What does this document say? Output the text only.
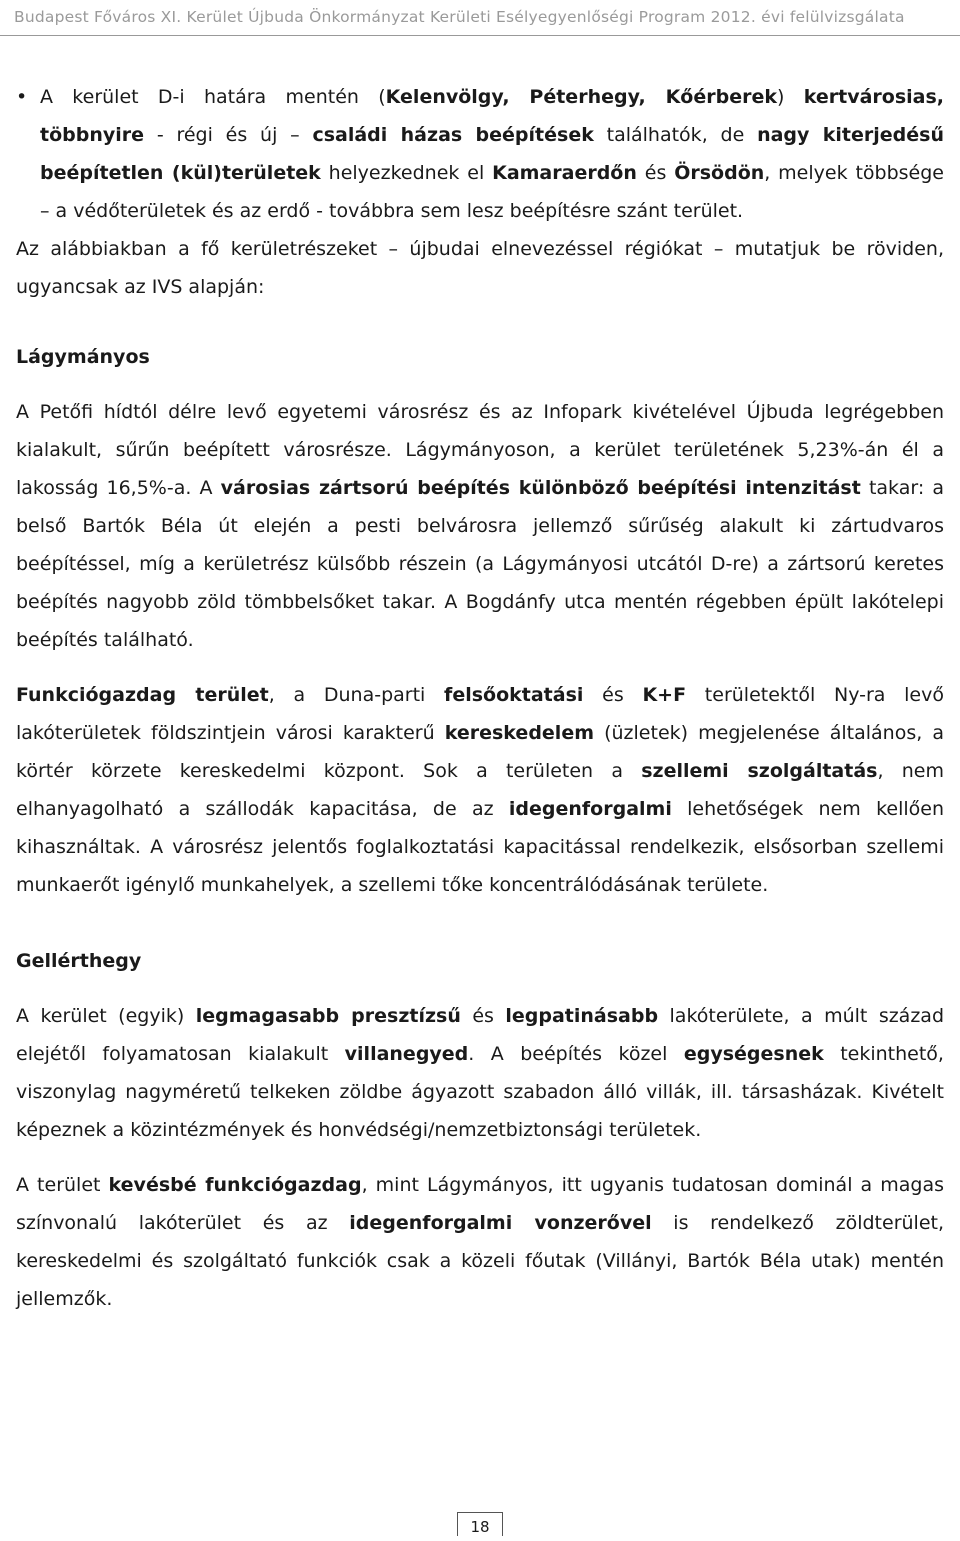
Budapest Főváros XI. Kerület Újbuda Önkormányzat Kerületi Esélyegyenlőségi Program 2012. évi felülvizsgálata

• A kerület D-i határa mentén (Kelenvölgy, Péterhegy, Kőérberek) kertvárosias, többnyire - régi és új – családi házas beépítések találhatók, de nagy kiterjedésű beépítetlen (kül)területek helyezkednek el Kamaraerdőn és Örsödön, melyek többsége – a védőterületek és az erdő - továbbra sem lesz beépítésre szánt terület.

Az alábbiakban a fő kerületrészeket – újbudai elnevezéssel régiókat – mutatjuk be röviden, ugyancsak az IVS alapján:

Lágymányos

A Petőfi hídtól délre levő egyetemi városrész és az Infopark kivételével Újbuda legrégebben kialakult, sűrűn beépített városrésze. Lágymányoson, a kerület területének 5,23%-án él a lakosság 16,5%-a. A városias zártsorú beépítés különböző beépítési intenzitást takar: a belső Bartók Béla út elején a pesti belvárosra jellemző sűrűség alakult ki zártudvaros beépítéssel, míg a kerületrész külsőbb részein (a Lágymányosi utcától D-re) a zártsorú keretes beépítés nagyobb zöld tömbbelsőket takar. A Bogdánfy utca mentén régebben épült lakótelepi beépítés található.

Funkciógazdag terület, a Duna-parti felsőoktatási és K+F területektől Ny-ra levő lakóterületek földszintjein városi karakterű kereskedelem (üzletek) megjelenése általános, a körtér körzete kereskedelmi központ. Sok a területen a szellemi szolgáltatás, nem elhanyagolható a szállodák kapacitása, de az idegenforgalmi lehetőségek nem kellően kihasználtak. A városrész jelentős foglalkoztatási kapacitással rendelkezik, elsősorban szellemi munkaerőt igénylő munkahelyek, a szellemi tőke koncentrálódásának területe.

Gellérthegy

A kerület (egyik) legmagasabb presztízsű és legpatinásabb lakóterülete, a múlt század elejétől folyamatosan kialakult villanegyed. A beépítés közel egységesnek tekinthető, viszonylag nagyméretű telkeken zöldbe ágyazott szabadon álló villák, ill. társasházak. Kivételt képeznek a közintézmények és honvédségi/nemzetbiztonsági területek.

A terület kevésbé funkciógazdag, mint Lágymányos, itt ugyanis tudatosan dominál a magas színvonalú lakóterület és az idegenforgalmi vonzerővel is rendelkező zöldterület, kereskedelmi és szolgáltató funkciók csak a közeli főutak (Villányi, Bartók Béla utak) mentén jellemzők.

18
